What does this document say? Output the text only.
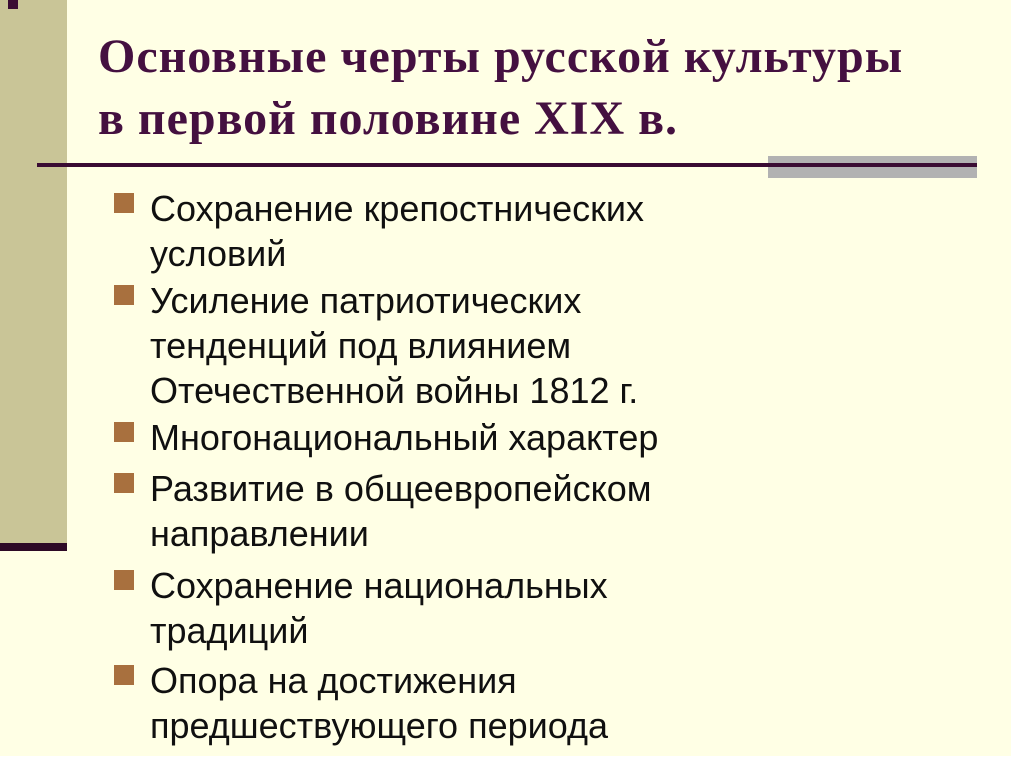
Основные черты русской культуры
в первой половине XIX в.
Сохранение крепостнических
условий
Усиление патриотических
тенденций под влиянием
Отечественной войны 1812 г.
Многонациональный характер
Развитие в общеевропейском
направлении
Сохранение национальных
традиций
Опора на достижения
предшествующего периода
